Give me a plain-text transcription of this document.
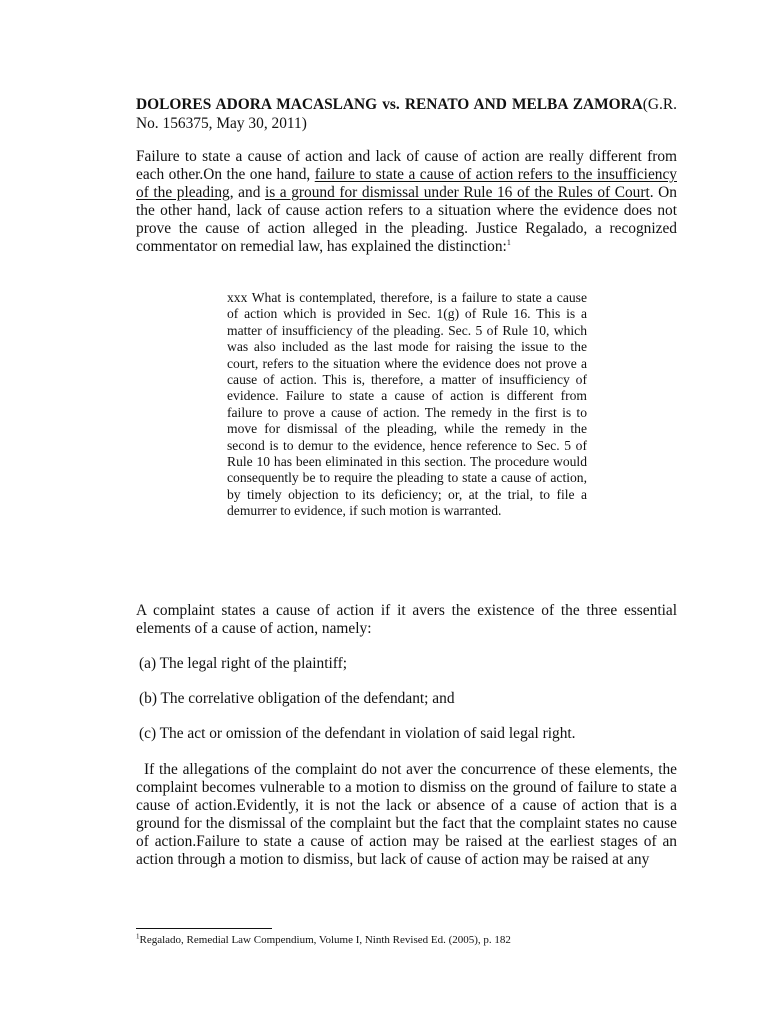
DOLORES ADORA MACASLANG vs. RENATO AND MELBA ZAMORA(G.R. No. 156375, May 30, 2011)
Failure to state a cause of action and lack of cause of action are really different from each other.On the one hand, failure to state a cause of action refers to the insufficiency of the pleading, and is a ground for dismissal under Rule 16 of the Rules of Court. On the other hand, lack of cause action refers to a situation where the evidence does not prove the cause of action alleged in the pleading. Justice Regalado, a recognized commentator on remedial law, has explained the distinction:$^1$
xxx What is contemplated, therefore, is a failure to state a cause of action which is provided in Sec. 1(g) of Rule 16. This is a matter of insufficiency of the pleading. Sec. 5 of Rule 10, which was also included as the last mode for raising the issue to the court, refers to the situation where the evidence does not prove a cause of action. This is, therefore, a matter of insufficiency of evidence. Failure to state a cause of action is different from failure to prove a cause of action. The remedy in the first is to move for dismissal of the pleading, while the remedy in the second is to demur to the evidence, hence reference to Sec. 5 of Rule 10 has been eliminated in this section. The procedure would consequently be to require the pleading to state a cause of action, by timely objection to its deficiency; or, at the trial, to file a demurrer to evidence, if such motion is warranted.
A complaint states a cause of action if it avers the existence of the three essential elements of a cause of action, namely:
(a) The legal right of the plaintiff;
(b) The correlative obligation of the defendant; and
(c) The act or omission of the defendant in violation of said legal right.
If the allegations of the complaint do not aver the concurrence of these elements, the complaint becomes vulnerable to a motion to dismiss on the ground of failure to state a cause of action.Evidently, it is not the lack or absence of a cause of action that is a ground for the dismissal of the complaint but the fact that the complaint states no cause of action.Failure to state a cause of action may be raised at the earliest stages of an action through a motion to dismiss, but lack of cause of action may be raised at any
$^1$Regalado, Remedial Law Compendium, Volume I, Ninth Revised Ed. (2005), p. 182
